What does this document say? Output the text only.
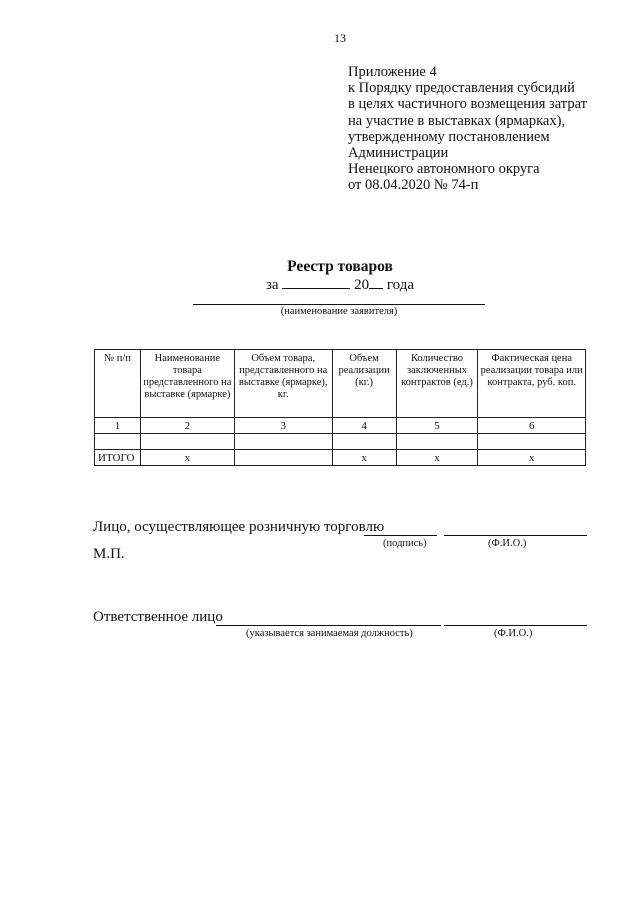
13
Приложение 4
к Порядку предоставления субсидий
в целях частичного возмещения затрат
на участие в выставках (ярмарках),
утвержденному постановлением
Администрации
Ненецкого автономного округа
от 08.04.2020 № 74-п
Реестр товаров
за	20 года
(наименование заявителя)
№ п/п	Наименование товара представленного на выставке (ярмарке)	Объем товара, представленного на выставке (ярмарке), кг.	Объем реализации (кг.)	Количество заключенных контрактов (ед.)	Фактическая цена реализации товара или контракта, руб. коп.
1	2	3	4	5	6

ИТОГО	x		x	x	x
Лицо, осуществляющее розничную торговлю
(подпись)	(Ф.И.О.)
М.П.
Ответственное лицо
(указывается занимаемая должность)	(Ф.И.О.)
